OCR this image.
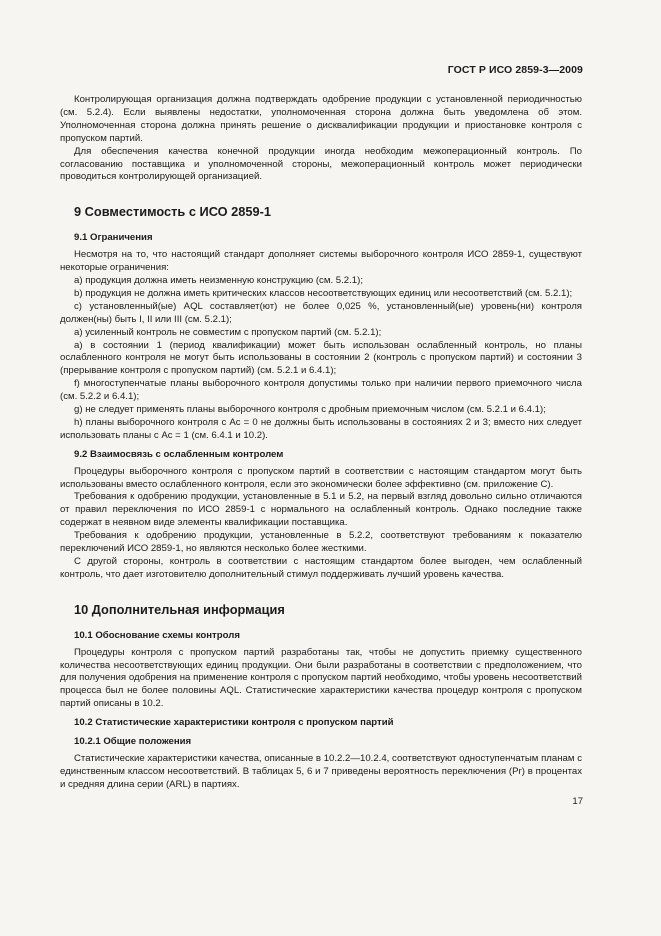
ГОСТ Р ИСО 2859-3—2009

Контролирующая организация должна подтверждать одобрение продукции с установленной периодичностью (см. 5.2.4). Если выявлены недостатки, уполномоченная сторона должна быть уведомлена об этом. Уполномоченная сторона должна принять решение о дисквалификации продукции и приостановке контроля с пропуском партий.

Для обеспечения качества конечной продукции иногда необходим межоперационный контроль. По согласованию поставщика и уполномоченной стороны, межоперационный контроль может периодически проводиться контролирующей организацией.

9 Совместимость с ИСО 2859-1
9.1 Ограничения

Несмотря на то, что настоящий стандарт дополняет системы выборочного контроля ИСО 2859-1, существуют некоторые ограничения:

a) продукция должна иметь неизменную конструкцию (см. 5.2.1);

b) продукция не должна иметь критических классов несоответствующих единиц или несоответствий (см. 5.2.1);

c) установленный(ые) AQL составляет(ют) не более 0,025 %, установленный(ые) уровень(ни) контроля должен(ны) быть I, II или III (см. 5.2.1);

a) усиленный контроль не совместим с пропуском партий (см. 5.2.1);

a) в состоянии 1 (период квалификации) может быть использован ослабленный контроль, но планы ослабленного контроля не могут быть использованы в состоянии 2 (контроль с пропуском партий) и состоянии 3 (прерывание контроля с пропуском партий) (см. 5.2.1 и 6.4.1);

f) многоступенчатые планы выборочного контроля допустимы только при наличии первого приемочного числа (см. 5.2.2 и 6.4.1);

g) не следует применять планы выборочного контроля с дробным приемочным числом (см. 5.2.1 и 6.4.1);

h) планы выборочного контроля с Ac = 0 не должны быть использованы в состояниях 2 и 3; вместо них следует использовать планы с Ac = 1 (см. 6.4.1 и 10.2).

9.2 Взаимосвязь с ослабленным контролем

Процедуры выборочного контроля с пропуском партий в соответствии с настоящим стандартом могут быть использованы вместо ослабленного контроля, если это экономически более эффективно (см. приложение C).

Требования к одобрению продукции, установленные в 5.1 и 5.2, на первый взгляд довольно сильно отличаются от правил переключения по ИСО 2859-1 с нормального на ослабленный контроль. Однако последние также содержат в неявном виде элементы квалификации поставщика.

Требования к одобрению продукции, установленные в 5.2.2, соответствуют требованиям к показателю переключений ИСО 2859-1, но являются несколько более жесткими.

С другой стороны, контроль в соответствии с настоящим стандартом более выгоден, чем ослабленный контроль, что дает изготовителю дополнительный стимул поддерживать лучший уровень качества.

10 Дополнительная информация
10.1 Обоснование схемы контроля

Процедуры контроля с пропуском партий разработаны так, чтобы не допустить приемку существенного количества несоответствующих единиц продукции. Они были разработаны в соответствии с предположением, что для получения одобрения на применение контроля с пропуском партий необходимо, чтобы уровень несоответствий процесса был не более половины AQL. Статистические характеристики качества процедур контроля с пропуском партий описаны в 10.2.

10.2 Статистические характеристики контроля с пропуском партий
10.2.1 Общие положения

Статистические характеристики качества, описанные в 10.2.2—10.2.4, соответствуют одноступенчатым планам с единственным классом несоответствий. В таблицах 5, 6 и 7 приведены вероятность переключения (Pr) в процентах и средняя длина серии (ARL) в партиях.

17
